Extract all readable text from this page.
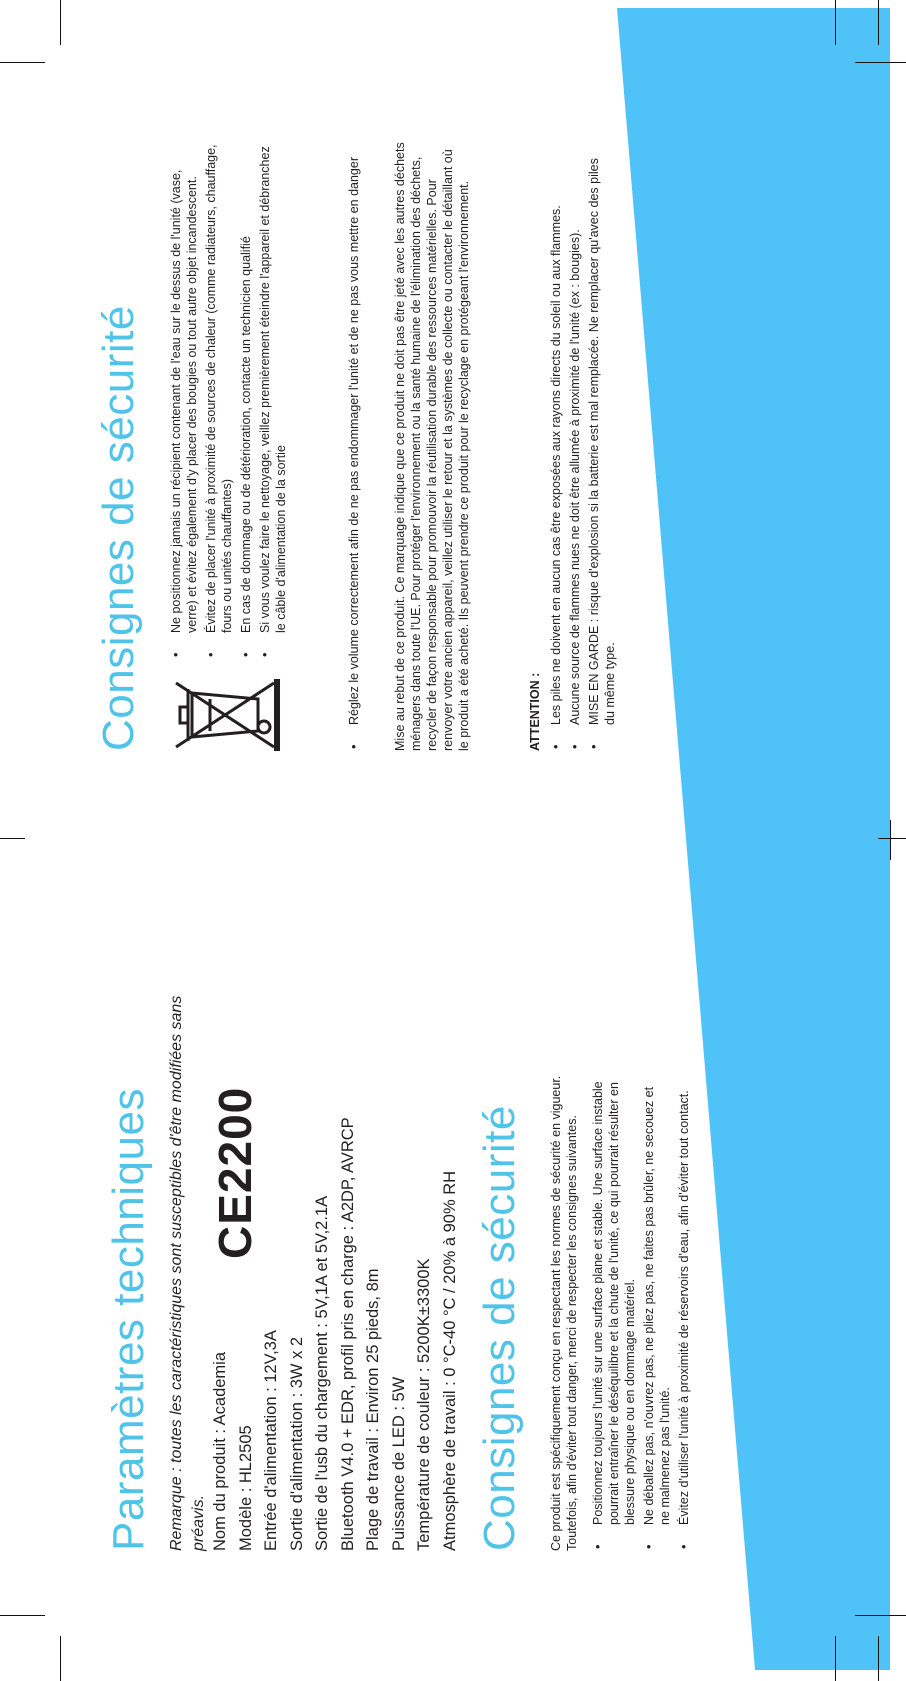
Paramètres techniques Remarque : toutes les caractéristiques sont susceptibles d'être modifiées sans préavis.
CE2200
Nom du produit : Academia Modèle : HL2505 Entrée d'alimentation : 12V,3A Sortie d'alimentation : 3W x 2 Sortie de l'usb du chargement : 5V,1A et 5V,2.1A Bluetooth V4.0 + EDR, profil pris en charge : A2DP, AVRCP Plage de travail : Environ 25 pieds, 8m Puissance de LED : 5W Température de couleur : 5200K±3300K Atmosphère de travail : 0 °C-40 °C / 20% à 90% RH Consignes de sécurité Ce produit est spécifiquement conçu en respectant les normes de sécurité en vigueur. Toutefois, afin d'éviter tout danger, merci de respecter les consignes suivantes. • Positionnez toujours l'unité sur une surface plane et stable. Une surface instable pourrait entraîner le déséquilibre et la chute de l'unité, ce qui pourrait résulter en blessure physique ou en dommage matériel. • Ne déballez pas, n'ouvrez pas, ne pliez pas, ne faites pas brûler, ne secouez et ne malmenez pas l'unité. • Évitez d'utiliser l'unité à proximité de réservoirs d'eau, afin d'éviter tout contact.
Consignes de sécurité • Ne positionnez jamais un récipient contenant de l'eau sur le dessus de l'unité (vase, verre) et évitez également d'y placer des bougies ou tout autre objet incandescent. • Évitez de placer l'unité à proximité de sources de chaleur (comme radiateurs, chauffage, fours ou unités chauffantes) • En cas de dommage ou de détérioration, contacte un technicien qualifié • Si vous voulez faire le nettoyage, veillez premièrement éteindre l'appareil et débranchez le câble d'alimentation de la sortie	• Réglez le volume correctement afin de ne pas endommager l'unité et de ne pas vous mettre en danger	Mise au rebut de ce produit. Ce marquage indique que ce produit ne doit pas être jeté avec les autres déchets ménagers dans toute l'UE. Pour protéger l'environnement ou la santé humaine de l'élimination des déchets, recycler de façon responsable pour promouvoir la réutilisation durable des ressources matérielles. Pour renvoyer votre ancien appareil, veillez utiliser le retour et la systèmes de collecte ou contacter le détaillant où le produit a été acheté. Ils peuvent prendre ce produit pour le recyclage en protégeant l'environnement.	ATTENTION : • Les piles ne doivent en aucun cas être exposées aux rayons directs du soleil ou aux flammes. • Aucune source de flammes nues ne doit être allumée à proximité de l'unité (ex : bougies). • MISE EN GARDE : risque d'explosion si la batterie est mal remplacée. Ne remplacer qu'avec des piles du même type.
